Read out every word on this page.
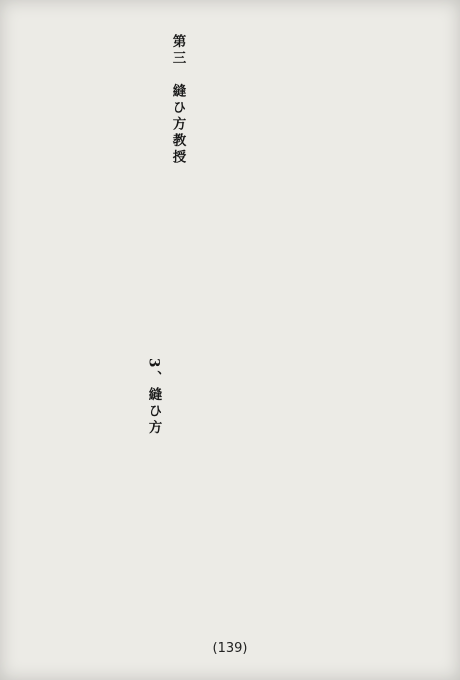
第三　縫ひ方教授
3、縫ひ方
(139)
